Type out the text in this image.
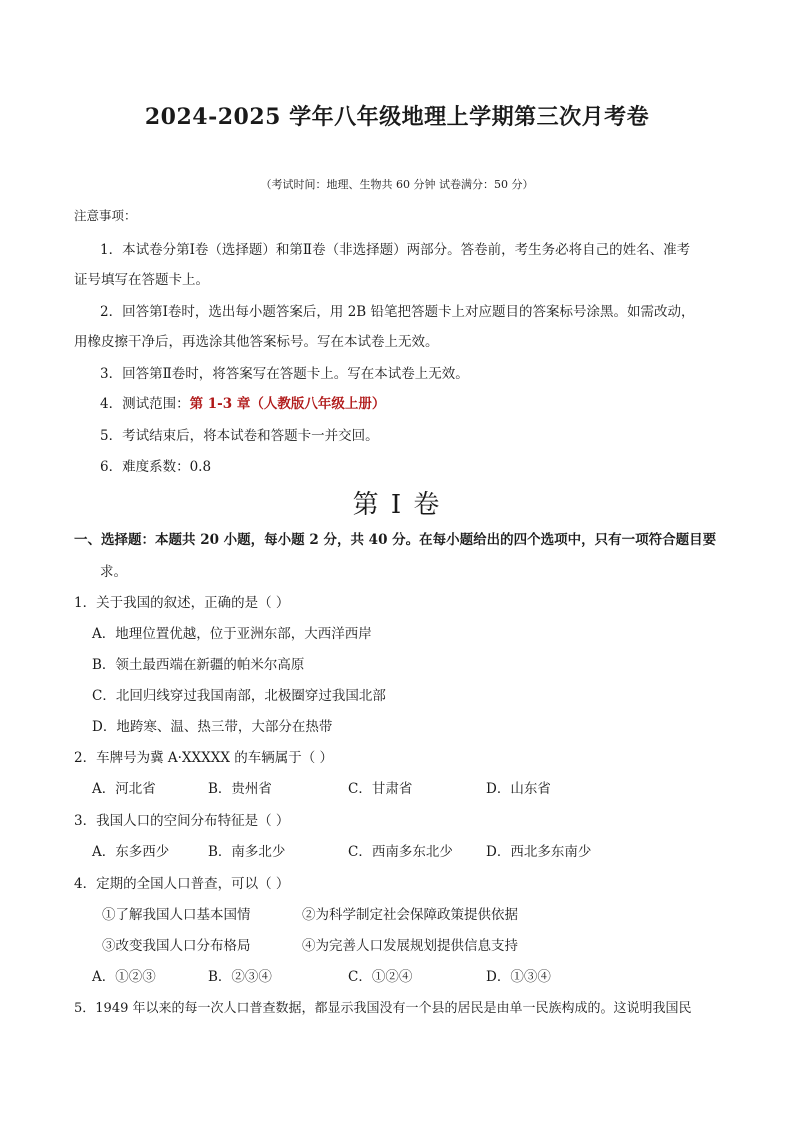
2024-2025 学年八年级地理上学期第三次月考卷
（考试时间：地理、生物共 60 分钟 试卷满分：50 分）
注意事项：
1．本试卷分第Ⅰ卷（选择题）和第Ⅱ卷（非选择题）两部分。答卷前，考生务必将自己的姓名、准考
证号填写在答题卡上。
2．回答第Ⅰ卷时，选出每小题答案后，用 2B 铅笔把答题卡上对应题目的答案标号涂黑。如需改动，
用橡皮擦干净后，再选涂其他答案标号。写在本试卷上无效。
3．回答第Ⅱ卷时，将答案写在答题卡上。写在本试卷上无效。
4．测试范围：第 1-3 章（人教版八年级上册）
5．考试结束后，将本试卷和答题卡一并交回。
6．难度系数：0.8
第 I 卷
一、选择题：本题共 20 小题，每小题 2 分，共 40 分。在每小题给出的四个选项中，只有一项符合题目要
求。
1．关于我国的叙述，正确的是（ ）
A．地理位置优越，位于亚洲东部，大西洋西岸
B．领土最西端在新疆的帕米尔高原
C．北回归线穿过我国南部，北极圈穿过我国北部
D．地跨寒、温、热三带，大部分在热带
2．车牌号为冀 A·XXXXX 的车辆属于（ ）
A．河北省	B．贵州省	C．甘肃省	D．山东省
3．我国人口的空间分布特征是（ ）
A．东多西少	B．南多北少	C．西南多东北少 D．西北多东南少
4．定期的全国人口普查，可以（ ）
①了解我国人口基本国情	②为科学制定社会保障政策提供依据
③改变我国人口分布格局	④为完善人口发展规划提供信息支持
A．①②③	B．②③④	C．①②④	D．①③④
5．1949 年以来的每一次人口普查数据，都显示我国没有一个县的居民是由单一民族构成的。这说明我国民
